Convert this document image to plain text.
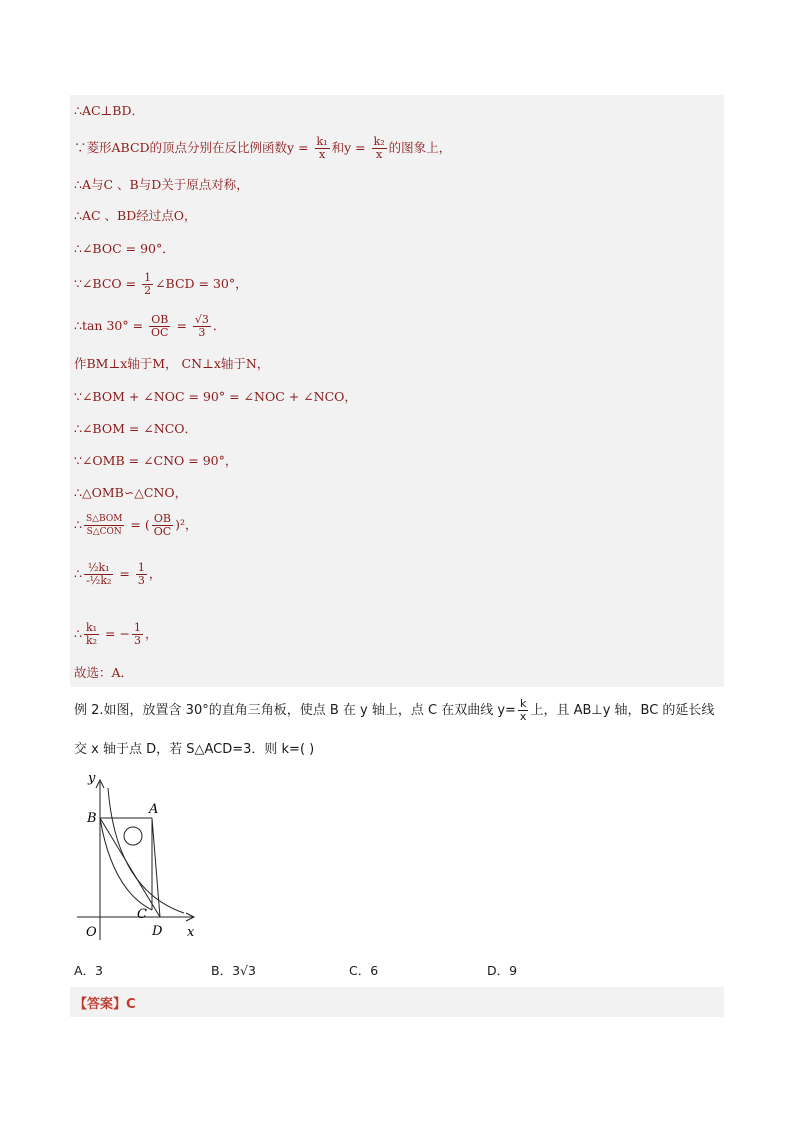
∴AC⊥BD．
∵菱形ABCD的顶点分别在反比例函数$y = \frac{\text{k₁}}{x}$ 和$y = \frac{\text{k₂}}{x}$ 的图象上，
∴A与C 、B与D关于原点对称，
∴AC 、BD经过点O，
∴∠BOC = 90°．
∵∠BCO = $\frac{1}{2}$ ∠BCD = 30°，
∴tan $30^\circ = \frac{OB}{OC} = \frac{√3}{3}$ ．
作BM⊥x轴于M， CN⊥x轴于N，
∵∠BOM + ∠NOC = 90° = ∠NOC + ∠NCO，
∴∠BOM = ∠NCO．
∵∠OMB = ∠CNO = 90°，
∴△OMB∽△CNO，
∴ $\frac{\text{S△BOM}}{\text{S△CON}}$ = ( $\frac{OB}{OC} )^2$，
∴ $\frac{\text{½k₁}}{\text{-½k₂}} = \frac{1}{3}$ ，
∴ $\frac{\text{k₁}}{\text{k₂}}$ = − $\frac{1}{3}$ ，
故选：A．
例 2.如图，放置含 30°的直角三角板，使点 B 在 y 轴上，点 C 在双曲线 $y= \frac{k}{x}$ 上，且 AB⊥y 轴，BC 的延长线
交 x 轴于点 D，若 S△ACD=3．则 k=( )
B
A
C
D
O
y
x
A．3	B．3√3	C．6	D．9
【答案】C
